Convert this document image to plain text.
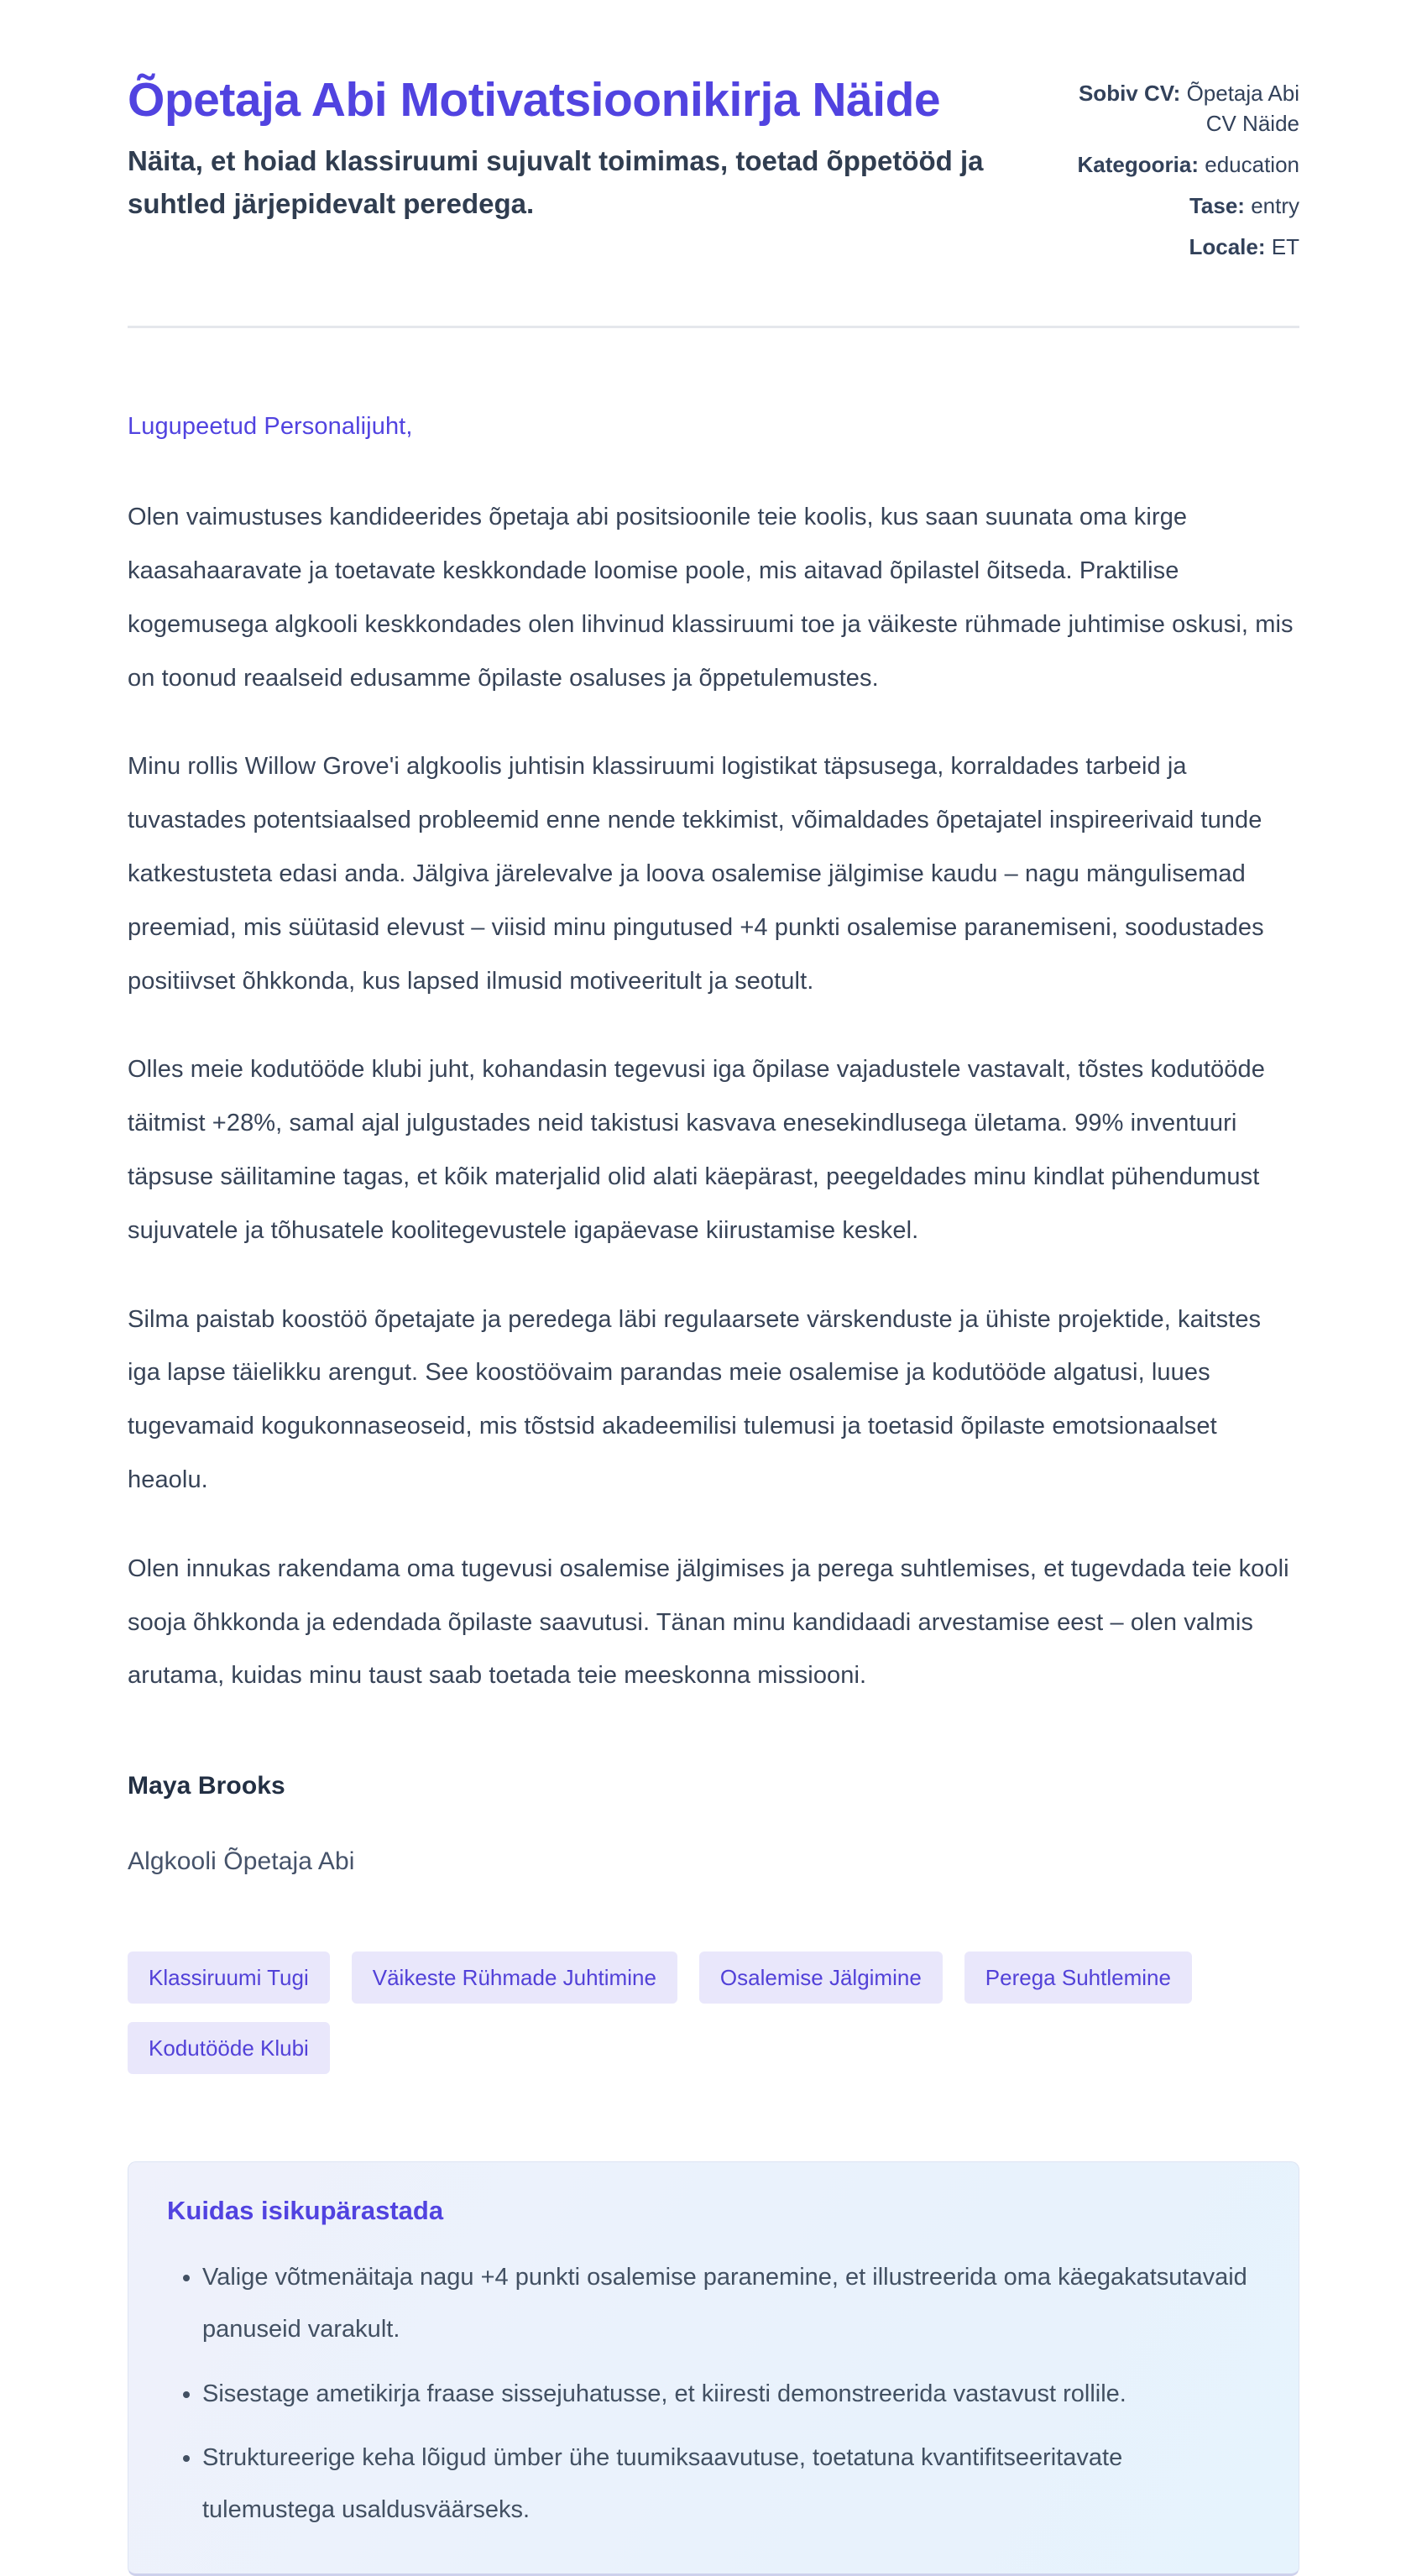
Õpetaja Abi Motivatsioonikirja Näide
Näita, et hoiad klassiruumi sujuvalt toimimas, toetad õppetööd ja suhtled järjepidevalt peredega.
Sobiv CV: Õpetaja Abi CV Näide
Kategooria: education
Tase: entry
Locale: ET

Lugupeetud Personalijuht,

Olen vaimustuses kandideerides õpetaja abi positsioonile teie koolis, kus saan suunata oma kirge kaasahaaravate ja toetavate keskkondade loomise poole, mis aitavad õpilastel õitseda. Praktilise kogemusega algkooli keskkondades olen lihvinud klassiruumi toe ja väikeste rühmade juhtimise oskusi, mis on toonud reaalseid edusamme õpilaste osaluses ja õppetulemustes.

Minu rollis Willow Grove'i algkoolis juhtisin klassiruumi logistikat täpsusega, korraldades tarbeid ja tuvastades potentsiaalsed probleemid enne nende tekkimist, võimaldades õpetajatel inspireerivaid tunde katkestusteta edasi anda. Jälgiva järelevalve ja loova osalemise jälgimise kaudu – nagu mängulisemad preemiad, mis süütasid elevust – viisid minu pingutused +4 punkti osalemise paranemiseni, soodustades positiivset õhkkonda, kus lapsed ilmusid motiveeritult ja seotult.

Olles meie kodutööde klubi juht, kohandasin tegevusi iga õpilase vajadustele vastavalt, tõstes kodutööde täitmist +28%, samal ajal julgustades neid takistusi kasvava enesekindlusega ületama. 99% inventuuri täpsuse säilitamine tagas, et kõik materjalid olid alati käepärast, peegeldades minu kindlat pühendumust sujuvatele ja tõhusatele koolitegevustele igapäevase kiirustamise keskel.

Silma paistab koostöö õpetajate ja peredega läbi regulaarsete värskenduste ja ühiste projektide, kaitstes iga lapse täielikku arengut. See koostöövaim parandas meie osalemise ja kodutööde algatusi, luues tugevamaid kogukonnaseoseid, mis tõstsid akadeemilisi tulemusi ja toetasid õpilaste emotsionaalset heaolu.

Olen innukas rakendama oma tugevusi osalemise jälgimises ja perega suhtlemises, et tugevdada teie kooli sooja õhkkonda ja edendada õpilaste saavutusi. Tänan minu kandidaadi arvestamise eest – olen valmis arutama, kuidas minu taust saab toetada teie meeskonna missiooni.

Maya Brooks
Algkooli Õpetaja Abi
Klassiruumi Tugi	Väikeste Rühmade Juhtimine	Osalemise Jälgimine	Perega Suhtlemine
Kodutööde Klubi
Kuidas isikupärastada
• Valige võtmenäitaja nagu +4 punkti osalemise paranemine, et illustreerida oma käegakatsutavaid panuseid varakult.
• Sisestage ametikirja fraase sissejuhatusse, et kiiresti demonstreerida vastavust rollile.
• Struktureerige keha lõigud ümber ühe tuumiksaavutuse, toetatuna kvantifitseeritavate tulemustega usaldusväärseks.
